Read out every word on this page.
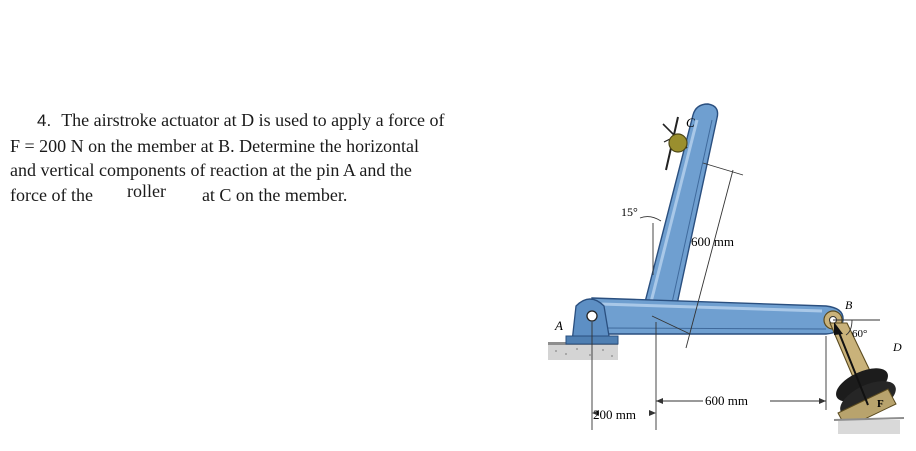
4. The airstroke actuator at D is used to apply a force of
F = 200 N on the member at B. Determine the horizontal
and vertical components of reaction at the pin A and the
force of the roller at C on the member.
C
A
B
D
F
15°
60°
600 mm
600 mm
200 mm
